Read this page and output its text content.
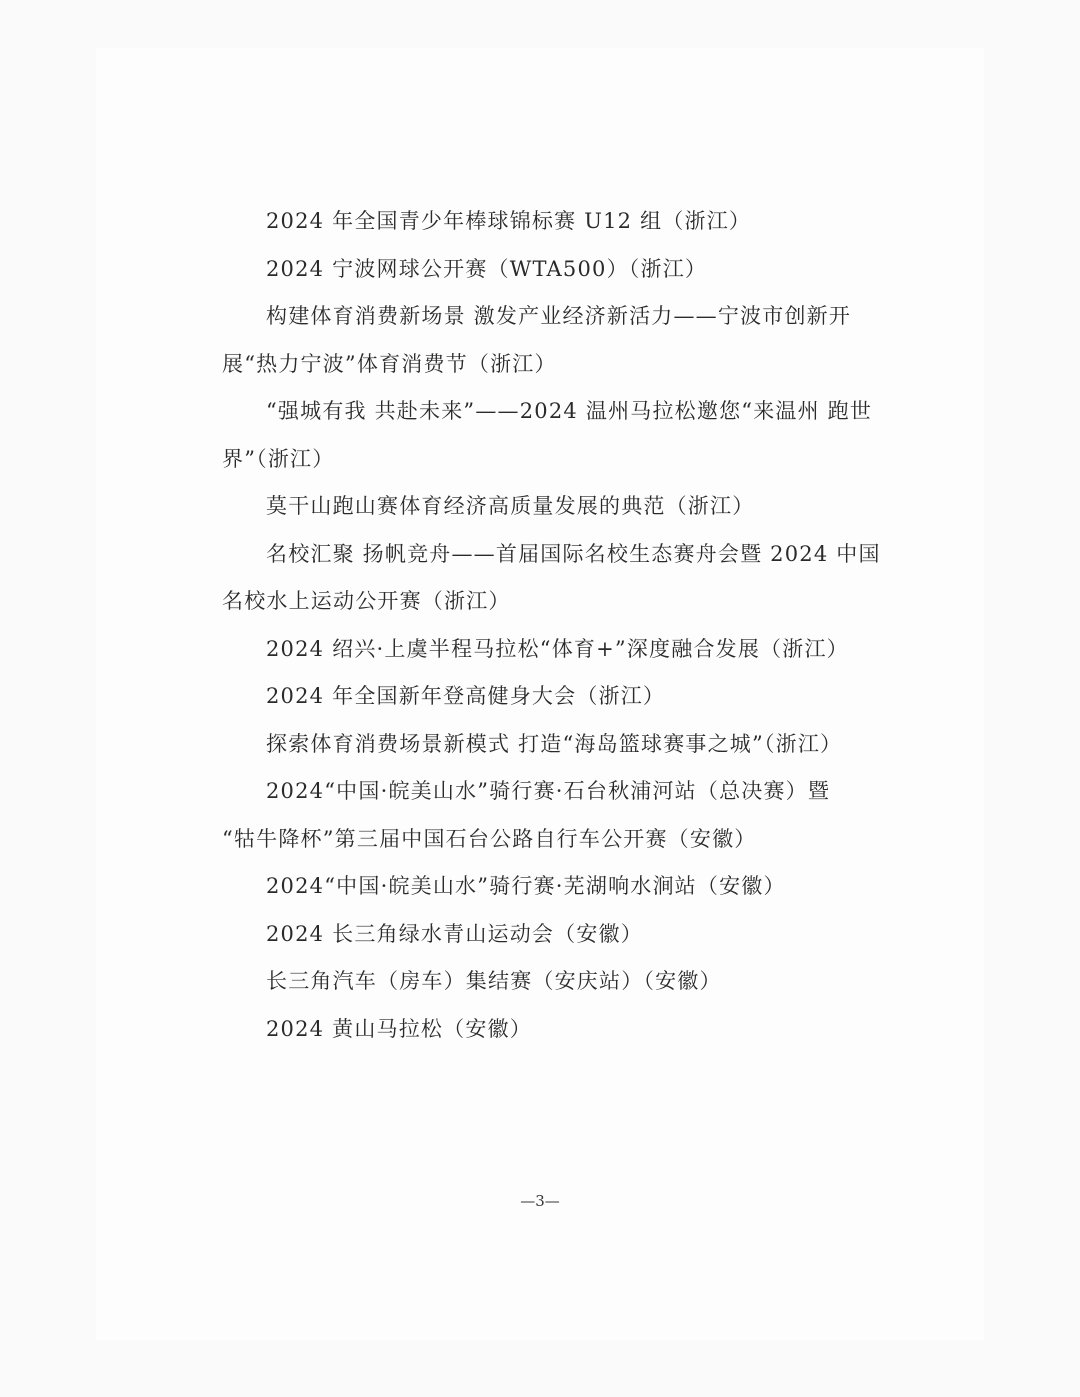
2024 年全国青少年棒球锦标赛 U12 组（浙江）

2024 宁波网球公开赛（WTA500）（浙江）

构建体育消费新场景 激发产业经济新活力——宁波市创新开
展“热力宁波”体育消费节（浙江）

“强城有我 共赴未来”——2024 温州马拉松邀您“来温州 跑世
界”（浙江）

莫干山跑山赛体育经济高质量发展的典范（浙江）

名校汇聚 扬帆竞舟——首届国际名校生态赛舟会暨 2024 中国
名校水上运动公开赛（浙江）

2024 绍兴·上虞半程马拉松“体育+”深度融合发展（浙江）

2024 年全国新年登高健身大会（浙江）

探索体育消费场景新模式 打造“海岛篮球赛事之城”（浙江）

2024“中国·皖美山水”骑行赛·石台秋浦河站（总决赛）暨
“牯牛降杯”第三届中国石台公路自行车公开赛（安徽）

2024“中国·皖美山水”骑行赛·芜湖响水涧站（安徽）

2024 长三角绿水青山运动会（安徽）

长三角汽车（房车）集结赛（安庆站）（安徽）

2024 黄山马拉松（安徽）

—3—
